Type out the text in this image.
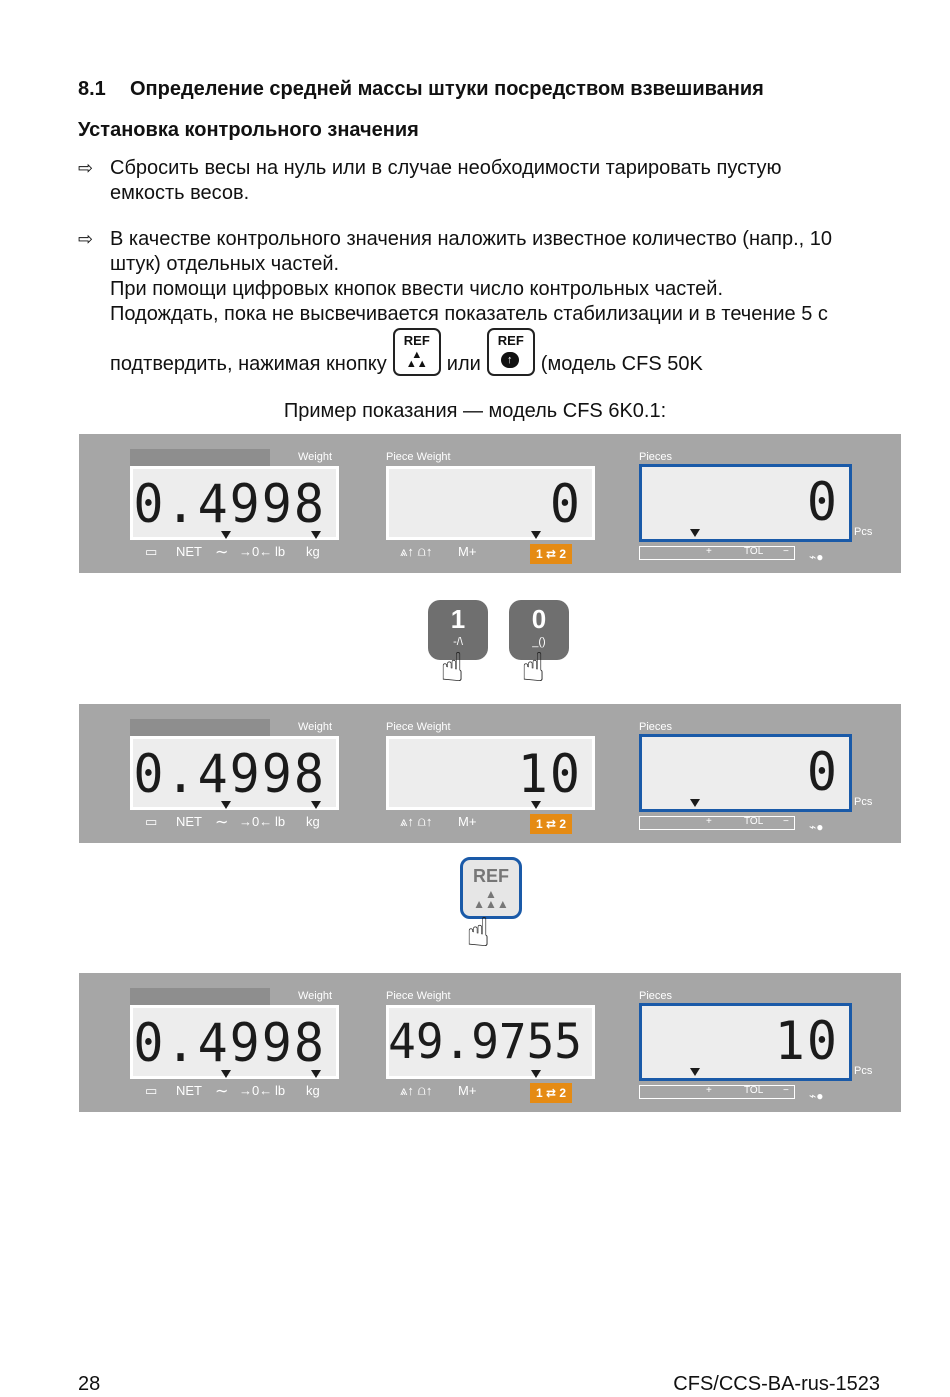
8.1 Определение средней массы штуки посредством взвешивания
Установка контрольного значения
⇨ Сбросить весы на нуль или в случае необходимости тарировать пустую
емкость весов.
⇨ В качестве контрольного значения наложить известное количество (напр., 10
штук) отдельных частей.
При помощи цифровых кнопок ввести число контрольных частей.
Подождать, пока не высвечивается показатель стабилизации и в течение 5 с
подтвердить, нажимая кнопку
REF
▲
▲▲ или
REF
↑	(модель CFS 50K
Пример показания — модель CFS 6K0.1:
Weight	Piece Weight	Pieces
0.4998	0	0 Pcs
▭ NET ∼ →0← lb kg	⩓↑ ⩍↑ M+	1 ⇄ 2	+	TOL − ⌁●
1
-/\
☝
0
_()
☝
Weight	Piece Weight	Pieces
0.4998	10	0 Pcs
▭ NET ∼ →0← lb kg	⩓↑ ⩍↑ M+	1 ⇄ 2	+	TOL − ⌁●
REF
▲
▲▲▲
☝
Weight	Piece Weight	Pieces
0.4998 49.9755	10 Pcs
▭ NET ∼ →0← lb kg	⩓↑ ⩍↑ M+	1 ⇄ 2	+	TOL − ⌁●
28	CFS/CCS-BA-rus-1523
